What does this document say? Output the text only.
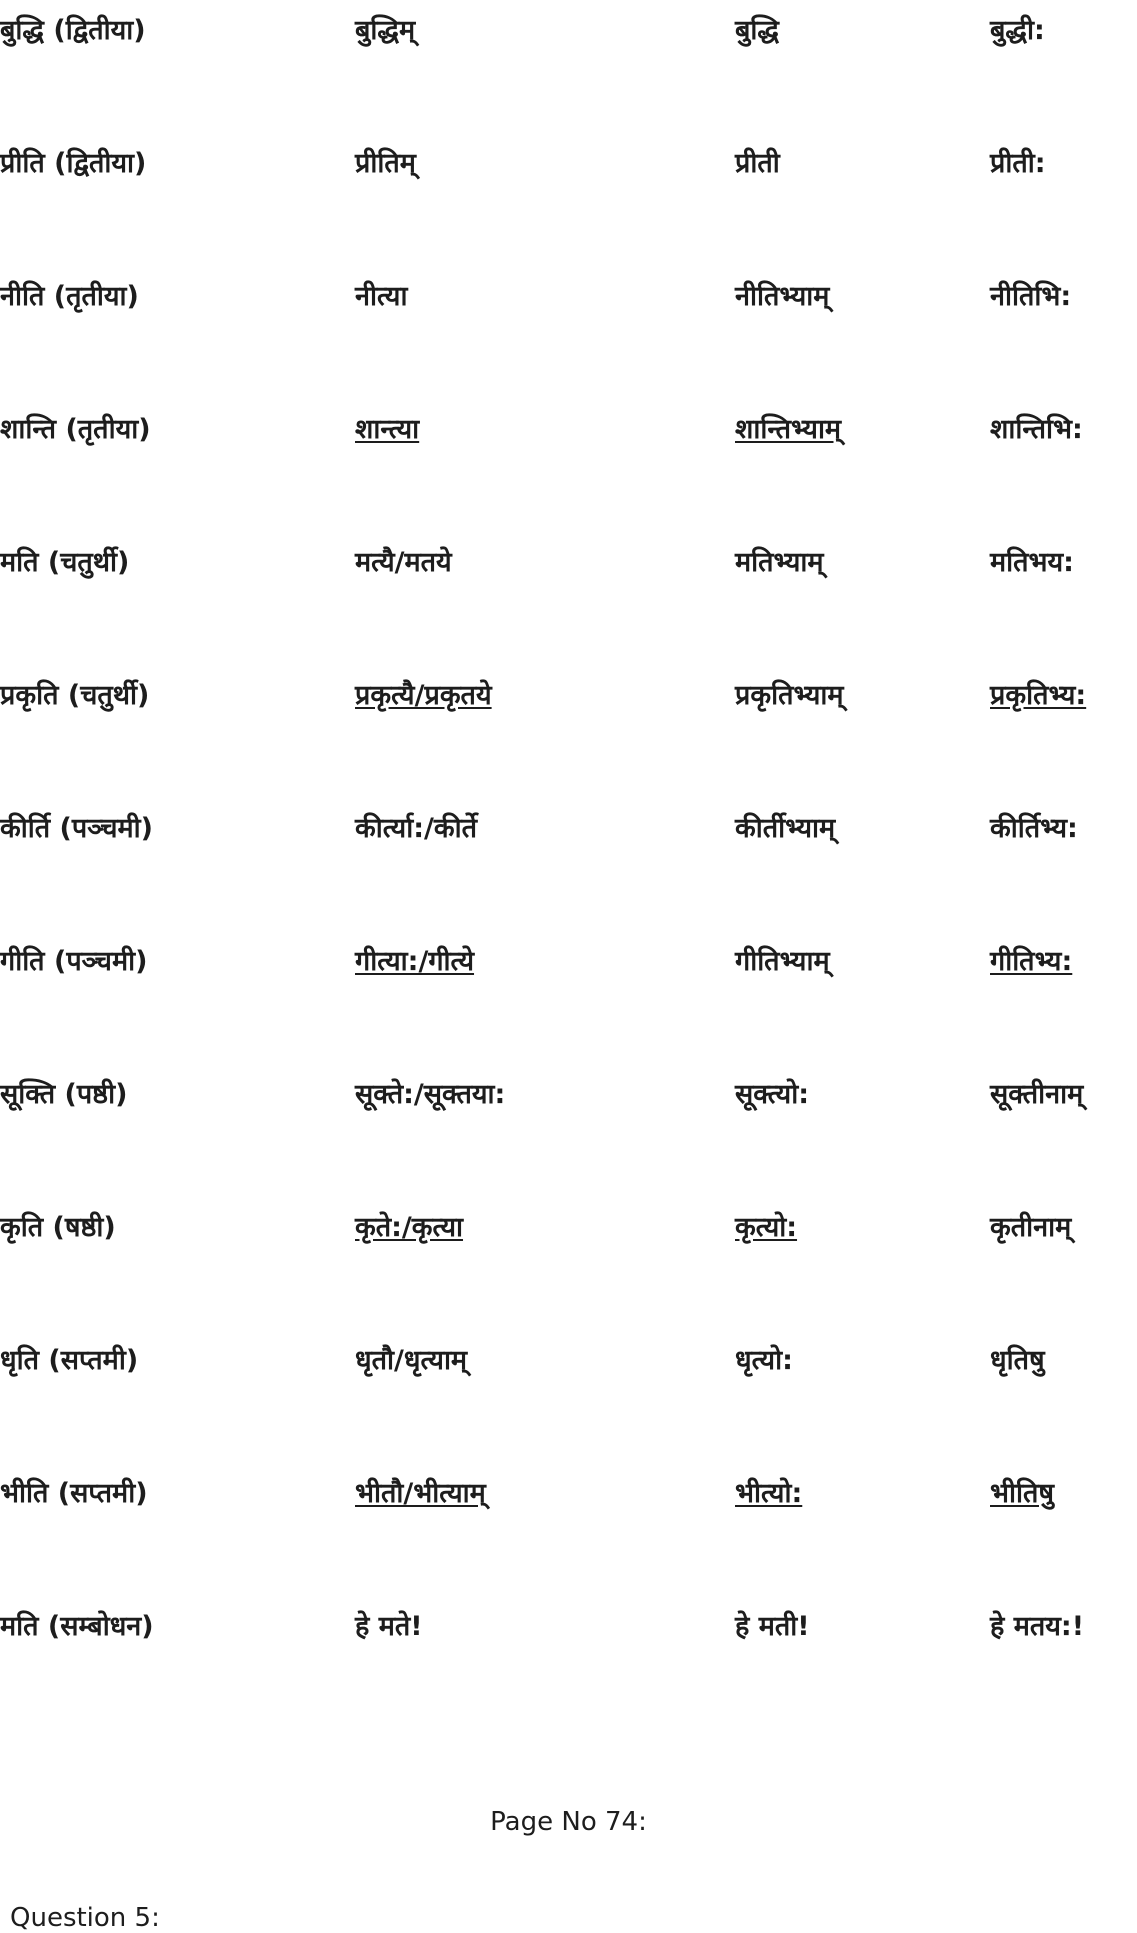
बुद्धि (द्वितीया)	बुद्धिम्	बुद्धि	बुद्धी:
प्रीति (द्वितीया)	प्रीतिम्	प्रीती	प्रीती:
नीति (तृतीया)	नीत्या	नीतिभ्याम्	नीतिभि:
शान्ति (तृतीया)	शान्त्या	शान्तिभ्याम्	शान्तिभि:
मति (चतुर्थी)	मत्यै/मतये	मतिभ्याम्	मतिभय:
प्रकृति (चतुर्थी)	प्रकृत्यै/प्रकृतये	प्रकृतिभ्याम्	प्रकृतिभ्य:
कीर्ति (पञ्चमी)	कीर्त्या:/कीर्ते	कीर्तीभ्याम्	कीर्तिभ्य:
गीति (पञ्चमी)	गीत्या:/गीत्ये	गीतिभ्याम्	गीतिभ्य:
सूक्ति (पष्ठी)	सूक्ते:/सूक्तया:	सूक्त्यो:	सूक्तीनाम्
कृति (षष्ठी)	कृते:/कृत्या	कृत्यो:	कृतीनाम्
धृति (सप्तमी)	धृतौ/धृत्याम्	धृत्यो:	धृतिषु
भीति (सप्तमी)	भीतौ/भीत्याम्	भीत्यो:	भीतिषु
मति (सम्बोधन)	हे मते!	हे मती!	हे मतय:!
Page No 74:
Question 5:
